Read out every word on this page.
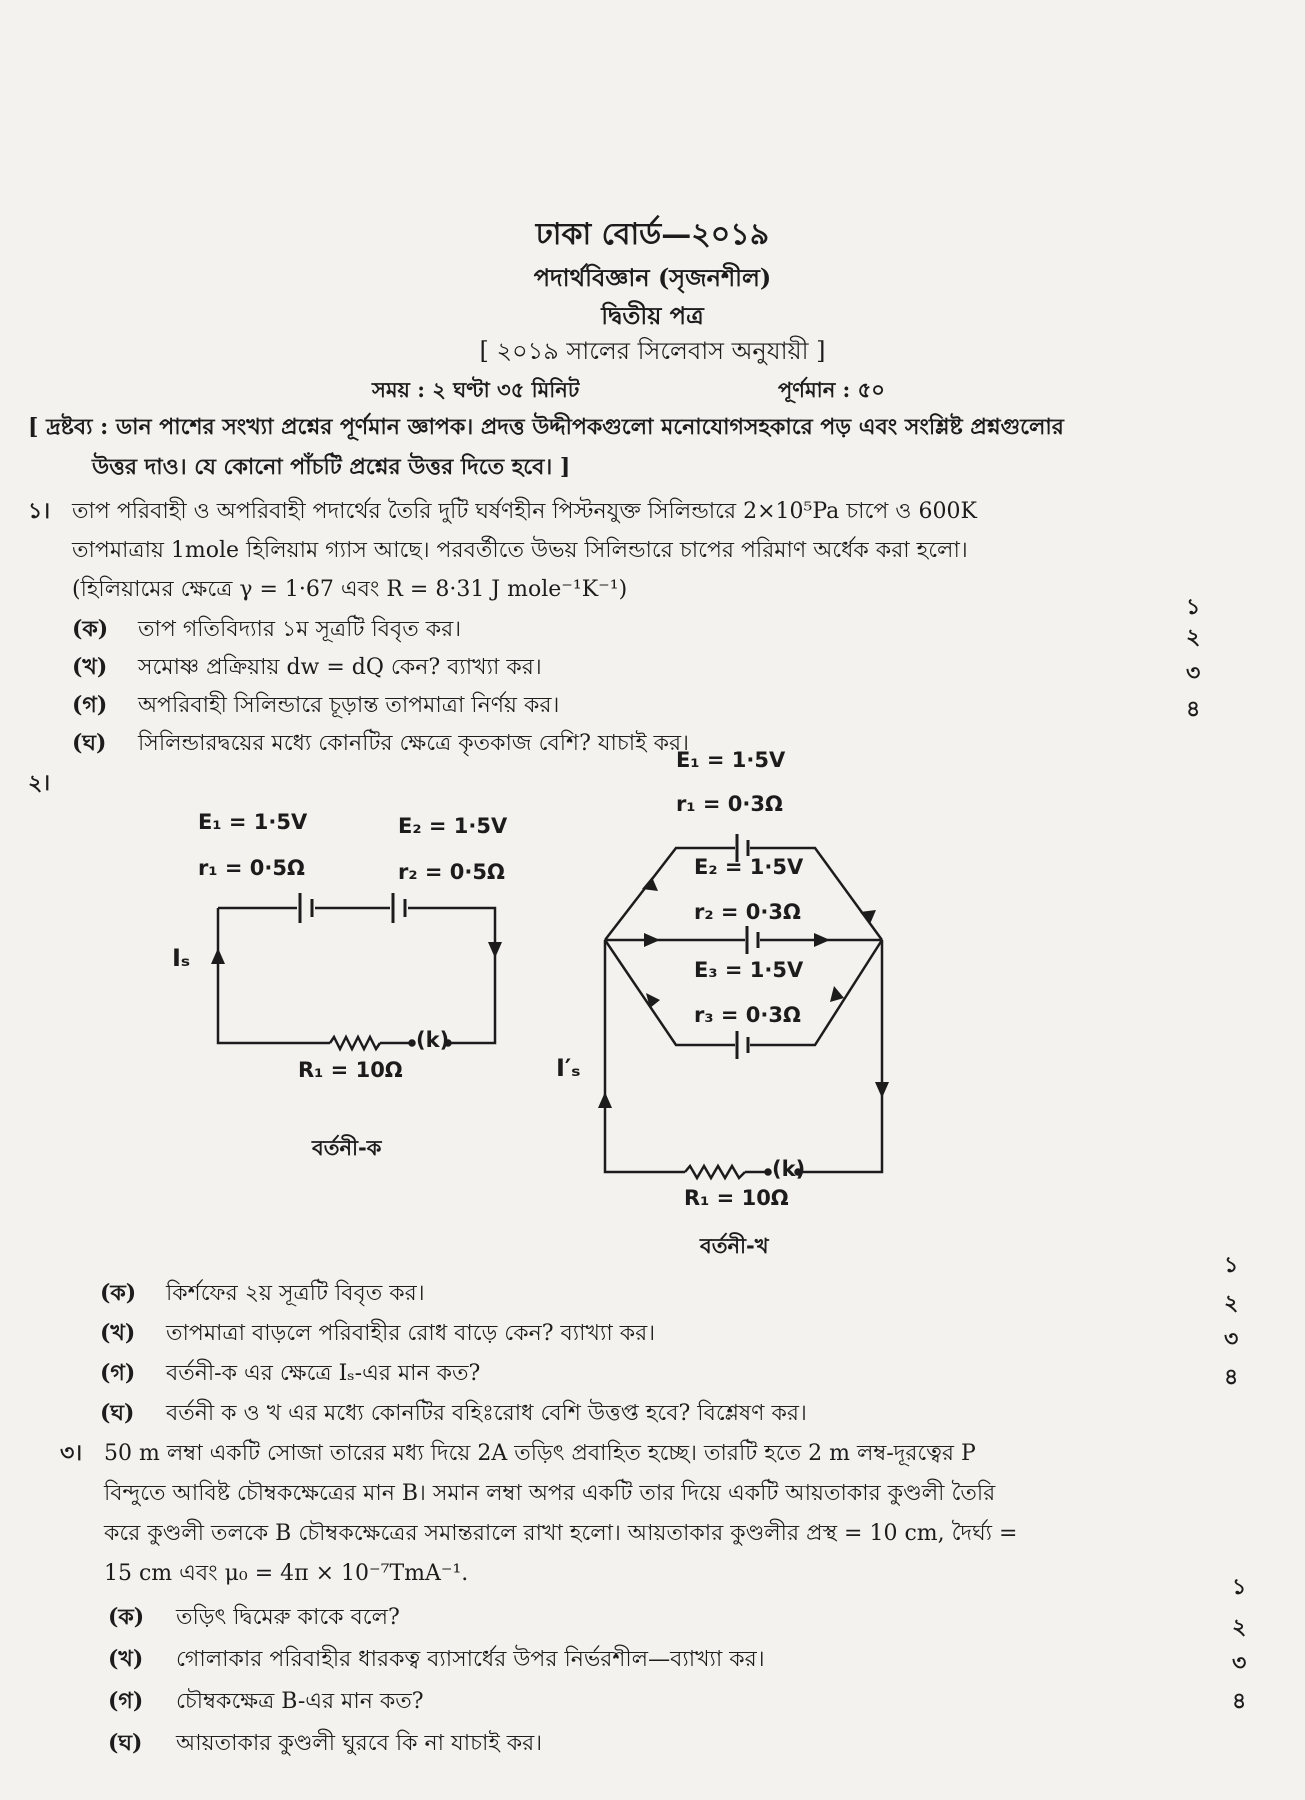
ঢাকা বোর্ড—২০১৯
পদার্থবিজ্ঞান (সৃজনশীল)
দ্বিতীয় পত্র
[ ২০১৯ সালের সিলেবাস অনুযায়ী ]
সময় : ২ ঘণ্টা ৩৫ মিনিট	পূর্ণমান : ৫০
[ দ্রষ্টব্য : ডান পাশের সংখ্যা প্রশ্নের পূর্ণমান জ্ঞাপক। প্রদত্ত উদ্দীপকগুলো মনোযোগসহকারে পড় এবং সংশ্লিষ্ট প্রশ্নগুলোর
উত্তর দাও। যে কোনো পাঁচটি প্রশ্নের উত্তর দিতে হবে। ]
১। তাপ পরিবাহী ও অপরিবাহী পদার্থের তৈরি দুটি ঘর্ষণহীন পিস্টনযুক্ত সিলিন্ডারে 2×10⁵Pa চাপে ও 600K
তাপমাত্রায় 1mole হিলিয়াম গ্যাস আছে। পরবর্তীতে উভয় সিলিন্ডারে চাপের পরিমাণ অর্ধেক করা হলো।
(হিলিয়ামের ক্ষেত্রে γ = 1·67 এবং R = 8·31 J mole⁻¹K⁻¹)
(ক) তাপ গতিবিদ্যার ১ম সূত্রটি বিবৃত কর।
১
(খ) সমোষ্ণ প্রক্রিয়ায় dw = dQ কেন? ব্যাখ্যা কর।
২
(গ) অপরিবাহী সিলিন্ডারে চূড়ান্ত তাপমাত্রা নির্ণয় কর।
৩
(ঘ) সিলিন্ডারদ্বয়ের মধ্যে কোনটির ক্ষেত্রে কৃতকাজ বেশি? যাচাই কর।
৪
২।
E₁ = 1·5V
r₁ = 0·5Ω
E₂ = 1·5V
r₂ = 0·5Ω
Iₛ
(k)
R₁ = 10Ω
বর্তনী-ক
E₁ = 1·5V
r₁ = 0·3Ω
E₂ = 1·5V
r₂ = 0·3Ω
E₃ = 1·5V
r₃ = 0·3Ω
I′ₛ
(k)
R₁ = 10Ω
বর্তনী-খ
(ক) কির্শফের ২য় সূত্রটি বিবৃত কর।
১
(খ) তাপমাত্রা বাড়লে পরিবাহীর রোধ বাড়ে কেন? ব্যাখ্যা কর।
২
(গ) বর্তনী-ক এর ক্ষেত্রে Iₛ-এর মান কত?
৩
(ঘ) বর্তনী ক ও খ এর মধ্যে কোনটির বহিঃরোধ বেশি উত্তপ্ত হবে? বিশ্লেষণ কর।
৪
৩। 50 m লম্বা একটি সোজা তারের মধ্য দিয়ে 2A তড়িৎ প্রবাহিত হচ্ছে। তারটি হতে 2 m লম্ব-দূরত্বের P
বিন্দুতে আবিষ্ট চৌম্বকক্ষেত্রের মান B। সমান লম্বা অপর একটি তার দিয়ে একটি আয়তাকার কুণ্ডলী তৈরি
করে কুণ্ডলী তলকে B চৌম্বকক্ষেত্রের সমান্তরালে রাখা হলো। আয়তাকার কুণ্ডলীর প্রস্থ = 10 cm, দৈর্ঘ্য =
15 cm এবং μ₀ = 4π × 10⁻⁷TmA⁻¹.
(ক) তড়িৎ দ্বিমেরু কাকে বলে?
১
(খ) গোলাকার পরিবাহীর ধারকত্ব ব্যাসার্ধের উপর নির্ভরশীল—ব্যাখ্যা কর।
২
(গ) চৌম্বকক্ষেত্র B-এর মান কত?
৩
(ঘ) আয়তাকার কুণ্ডলী ঘুরবে কি না যাচাই কর।
৪
